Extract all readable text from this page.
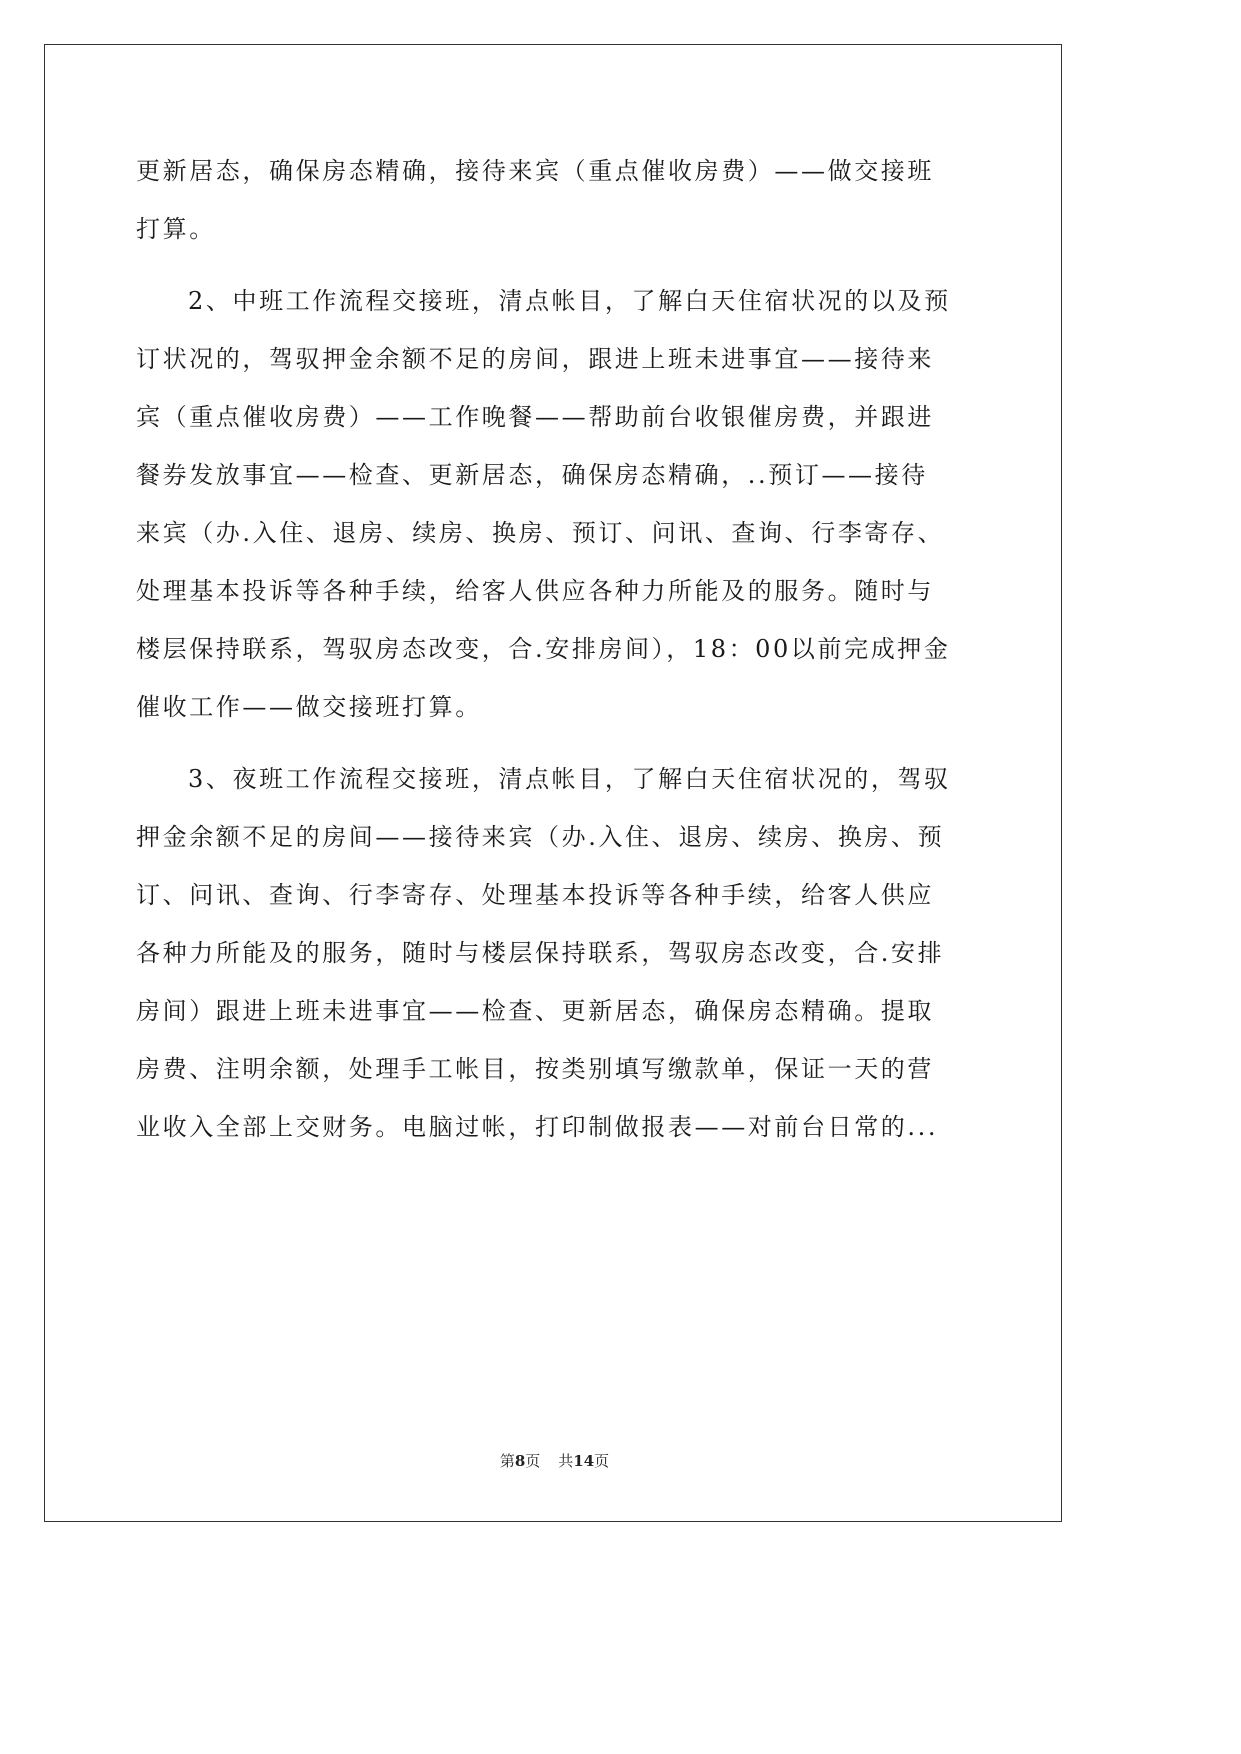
更新居态，确保房态精确，接待来宾（重点催收房费）——做交接班
打算。
2、中班工作流程交接班，清点帐目，了解白天住宿状况的以及预
订状况的，驾驭押金余额不足的房间，跟进上班未进事宜——接待来
宾（重点催收房费）——工作晚餐——帮助前台收银催房费，并跟进
餐券发放事宜——检查、更新居态，确保房态精确，..预订——接待
来宾（办.入住、退房、续房、换房、预订、问讯、查询、行李寄存、
处理基本投诉等各种手续，给客人供应各种力所能及的服务。随时与
楼层保持联系，驾驭房态改变，合.安排房间），18：00以前完成押金
催收工作——做交接班打算。
3、夜班工作流程交接班，清点帐目，了解白天住宿状况的，驾驭
押金余额不足的房间——接待来宾（办.入住、退房、续房、换房、预
订、问讯、查询、行李寄存、处理基本投诉等各种手续，给客人供应
各种力所能及的服务，随时与楼层保持联系，驾驭房态改变，合.安排
房间）跟进上班未进事宜——检查、更新居态，确保房态精确。提取
房费、注明余额，处理手工帐目，按类别填写缴款单，保证一天的营
业收入全部上交财务。电脑过帐，打印制做报表——对前台日常的...
第8页 共14页
